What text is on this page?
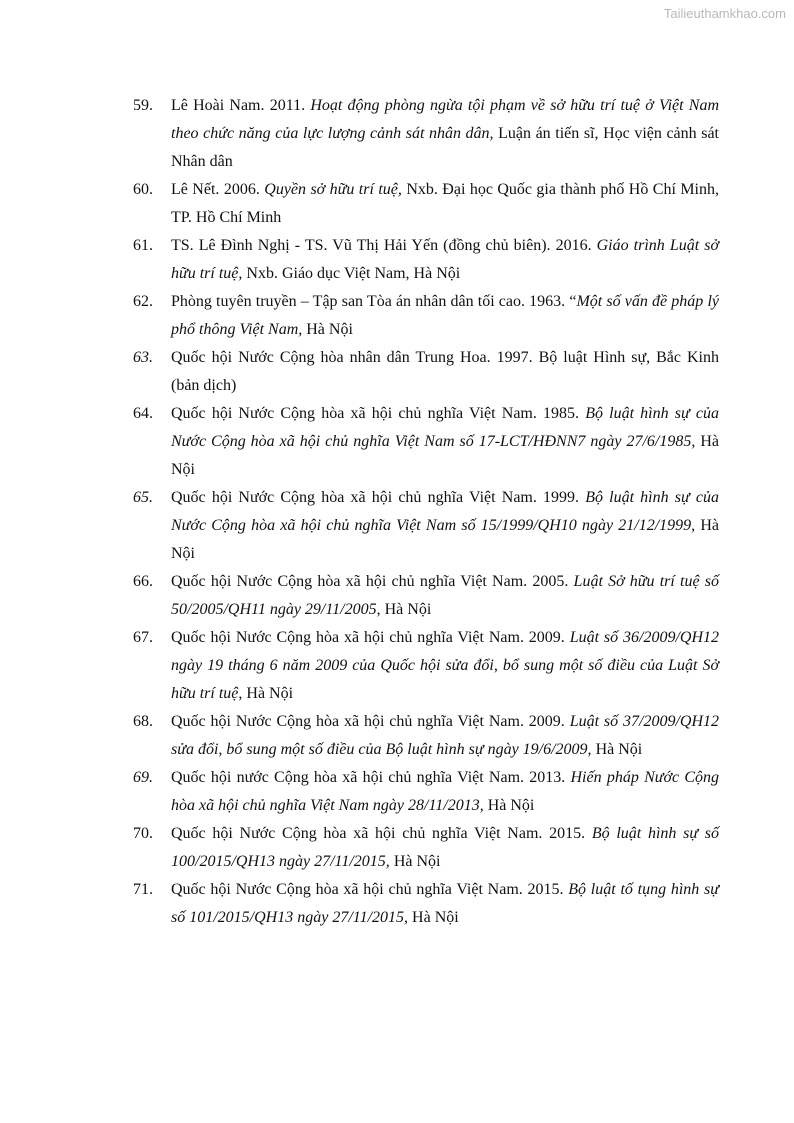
Tailieuthamkhao.com
59.	Lê Hoài Nam. 2011. Hoạt động phòng ngừa tội phạm về sở hữu trí tuệ ở Việt Nam theo chức năng của lực lượng cảnh sát nhân dân, Luận án tiến sĩ, Học viện cảnh sát Nhân dân
60.	Lê Nết. 2006. Quyền sở hữu trí tuệ, Nxb. Đại học Quốc gia thành phố Hồ Chí Minh, TP. Hồ Chí Minh
61.	TS. Lê Đình Nghị - TS. Vũ Thị Hải Yến (đồng chủ biên). 2016. Giáo trình Luật sở hữu trí tuệ, Nxb. Giáo dục Việt Nam, Hà Nội
62.	Phòng tuyên truyền – Tập san Tòa án nhân dân tối cao. 1963. “Một số vấn đề pháp lý phổ thông Việt Nam, Hà Nội
63.	Quốc hội Nước Cộng hòa nhân dân Trung Hoa. 1997. Bộ luật Hình sự, Bắc Kinh (bản dịch)
64.	Quốc hội Nước Cộng hòa xã hội chủ nghĩa Việt Nam. 1985. Bộ luật hình sự của Nước Cộng hòa xã hội chủ nghĩa Việt Nam số 17-LCT/HĐNN7 ngày 27/6/1985, Hà Nội
65.	Quốc hội Nước Cộng hòa xã hội chủ nghĩa Việt Nam. 1999. Bộ luật hình sự của Nước Cộng hòa xã hội chủ nghĩa Việt Nam số 15/1999/QH10 ngày 21/12/1999, Hà Nội
66.	Quốc hội Nước Cộng hòa xã hội chủ nghĩa Việt Nam. 2005. Luật Sở hữu trí tuệ số 50/2005/QH11 ngày 29/11/2005, Hà Nội
67.	Quốc hội Nước Cộng hòa xã hội chủ nghĩa Việt Nam. 2009. Luật số 36/2009/QH12 ngày 19 tháng 6 năm 2009 của Quốc hội sửa đổi, bổ sung một số điều của Luật Sở hữu trí tuệ, Hà Nội
68.	Quốc hội Nước Cộng hòa xã hội chủ nghĩa Việt Nam. 2009. Luật số 37/2009/QH12 sửa đổi, bổ sung một số điều của Bộ luật hình sự ngày 19/6/2009, Hà Nội
69.	Quốc hội nước Cộng hòa xã hội chủ nghĩa Việt Nam. 2013. Hiến pháp Nước Cộng hòa xã hội chủ nghĩa Việt Nam ngày 28/11/2013, Hà Nội
70.	Quốc hội Nước Cộng hòa xã hội chủ nghĩa Việt Nam. 2015. Bộ luật hình sự số 100/2015/QH13 ngày 27/11/2015, Hà Nội
71.	Quốc hội Nước Cộng hòa xã hội chủ nghĩa Việt Nam. 2015. Bộ luật tố tụng hình sự số 101/2015/QH13 ngày 27/11/2015, Hà Nội
